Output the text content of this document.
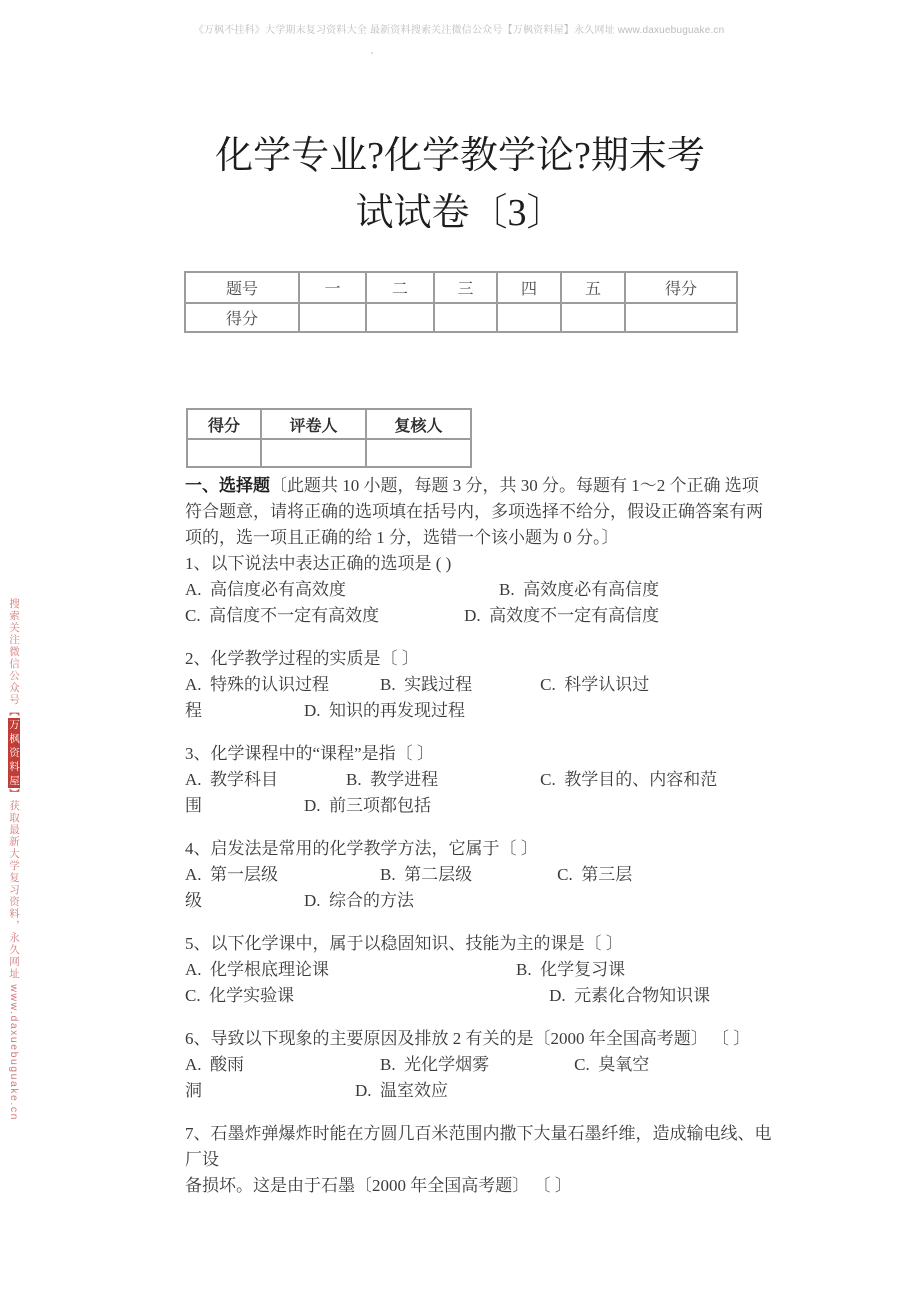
《万枫不挂科》大学期末复习资料大全 最新资料搜索关注微信公众号【万枫资料屋】永久网址 www.daxuebuguake.cn
,
化学专业?化学教学论?期末考
试试卷〔3〕
题号	一	二	三	四	五	得分
得分						
得分	评卷人	复核人

一、选择题〔此题共 10 小题，每题 3 分，共 30 分。每题有 1～2 个正确 选项符合题意，请将正确的选项填在括号内，多项选择不给分，假设正确答案有两项的，选一项且正确的给 1 分，选错一个该小题为 0 分。〕

1、以下说法中表达正确的选项是 ( )
A.  高信度必有高效度　　　　　　　　　B.  高效度必有高信度
C.  高信度不一定有高效度　　　　　D.  高效度不一定有高信度
2、化学教学过程的实质是〔 〕
A.  特殊的认识过程　　　B.  实践过程　　　　C.  科学认识过
程　　　　　　D.  知识的再发现过程
3、化学课程中的“课程”是指〔 〕
A.  教学科目　　　　B.  教学进程　　　　　　C.  教学目的、内容和范
围　　　　　　D.  前三项都包括
4、启发法是常用的化学教学方法，它属于〔 〕
A.  第一层级　　　　　　B.  第二层级　　　　　C.  第三层
级　　　　　　D.  综合的方法
5、以下化学课中，属于以稳固知识、技能为主的课是〔 〕
A.  化学根底理论课　　　　　　　　　　　B.  化学复习课
C.  化学实验课　　　　　　　　　　　　　　　D.  元素化合物知识课
6、导致以下现象的主要原因及排放 2 有关的是〔2000 年全国高考题〕 〔 〕
A.  酸雨　　　　　　　　B.  光化学烟雾　　　　　C.  臭氧空
洞　　　　　　　　　D.  温室效应
7、石墨炸弹爆炸时能在方圆几百米范围内撒下大量石墨纤维，造成输电线、电厂设
备损坏。这是由于石墨〔2000 年全国高考题〕 〔 〕
搜索关注微信公众号【万枫资料屋】获取最新大学复习资料，永久网址 www.daxuebuguake.cn
